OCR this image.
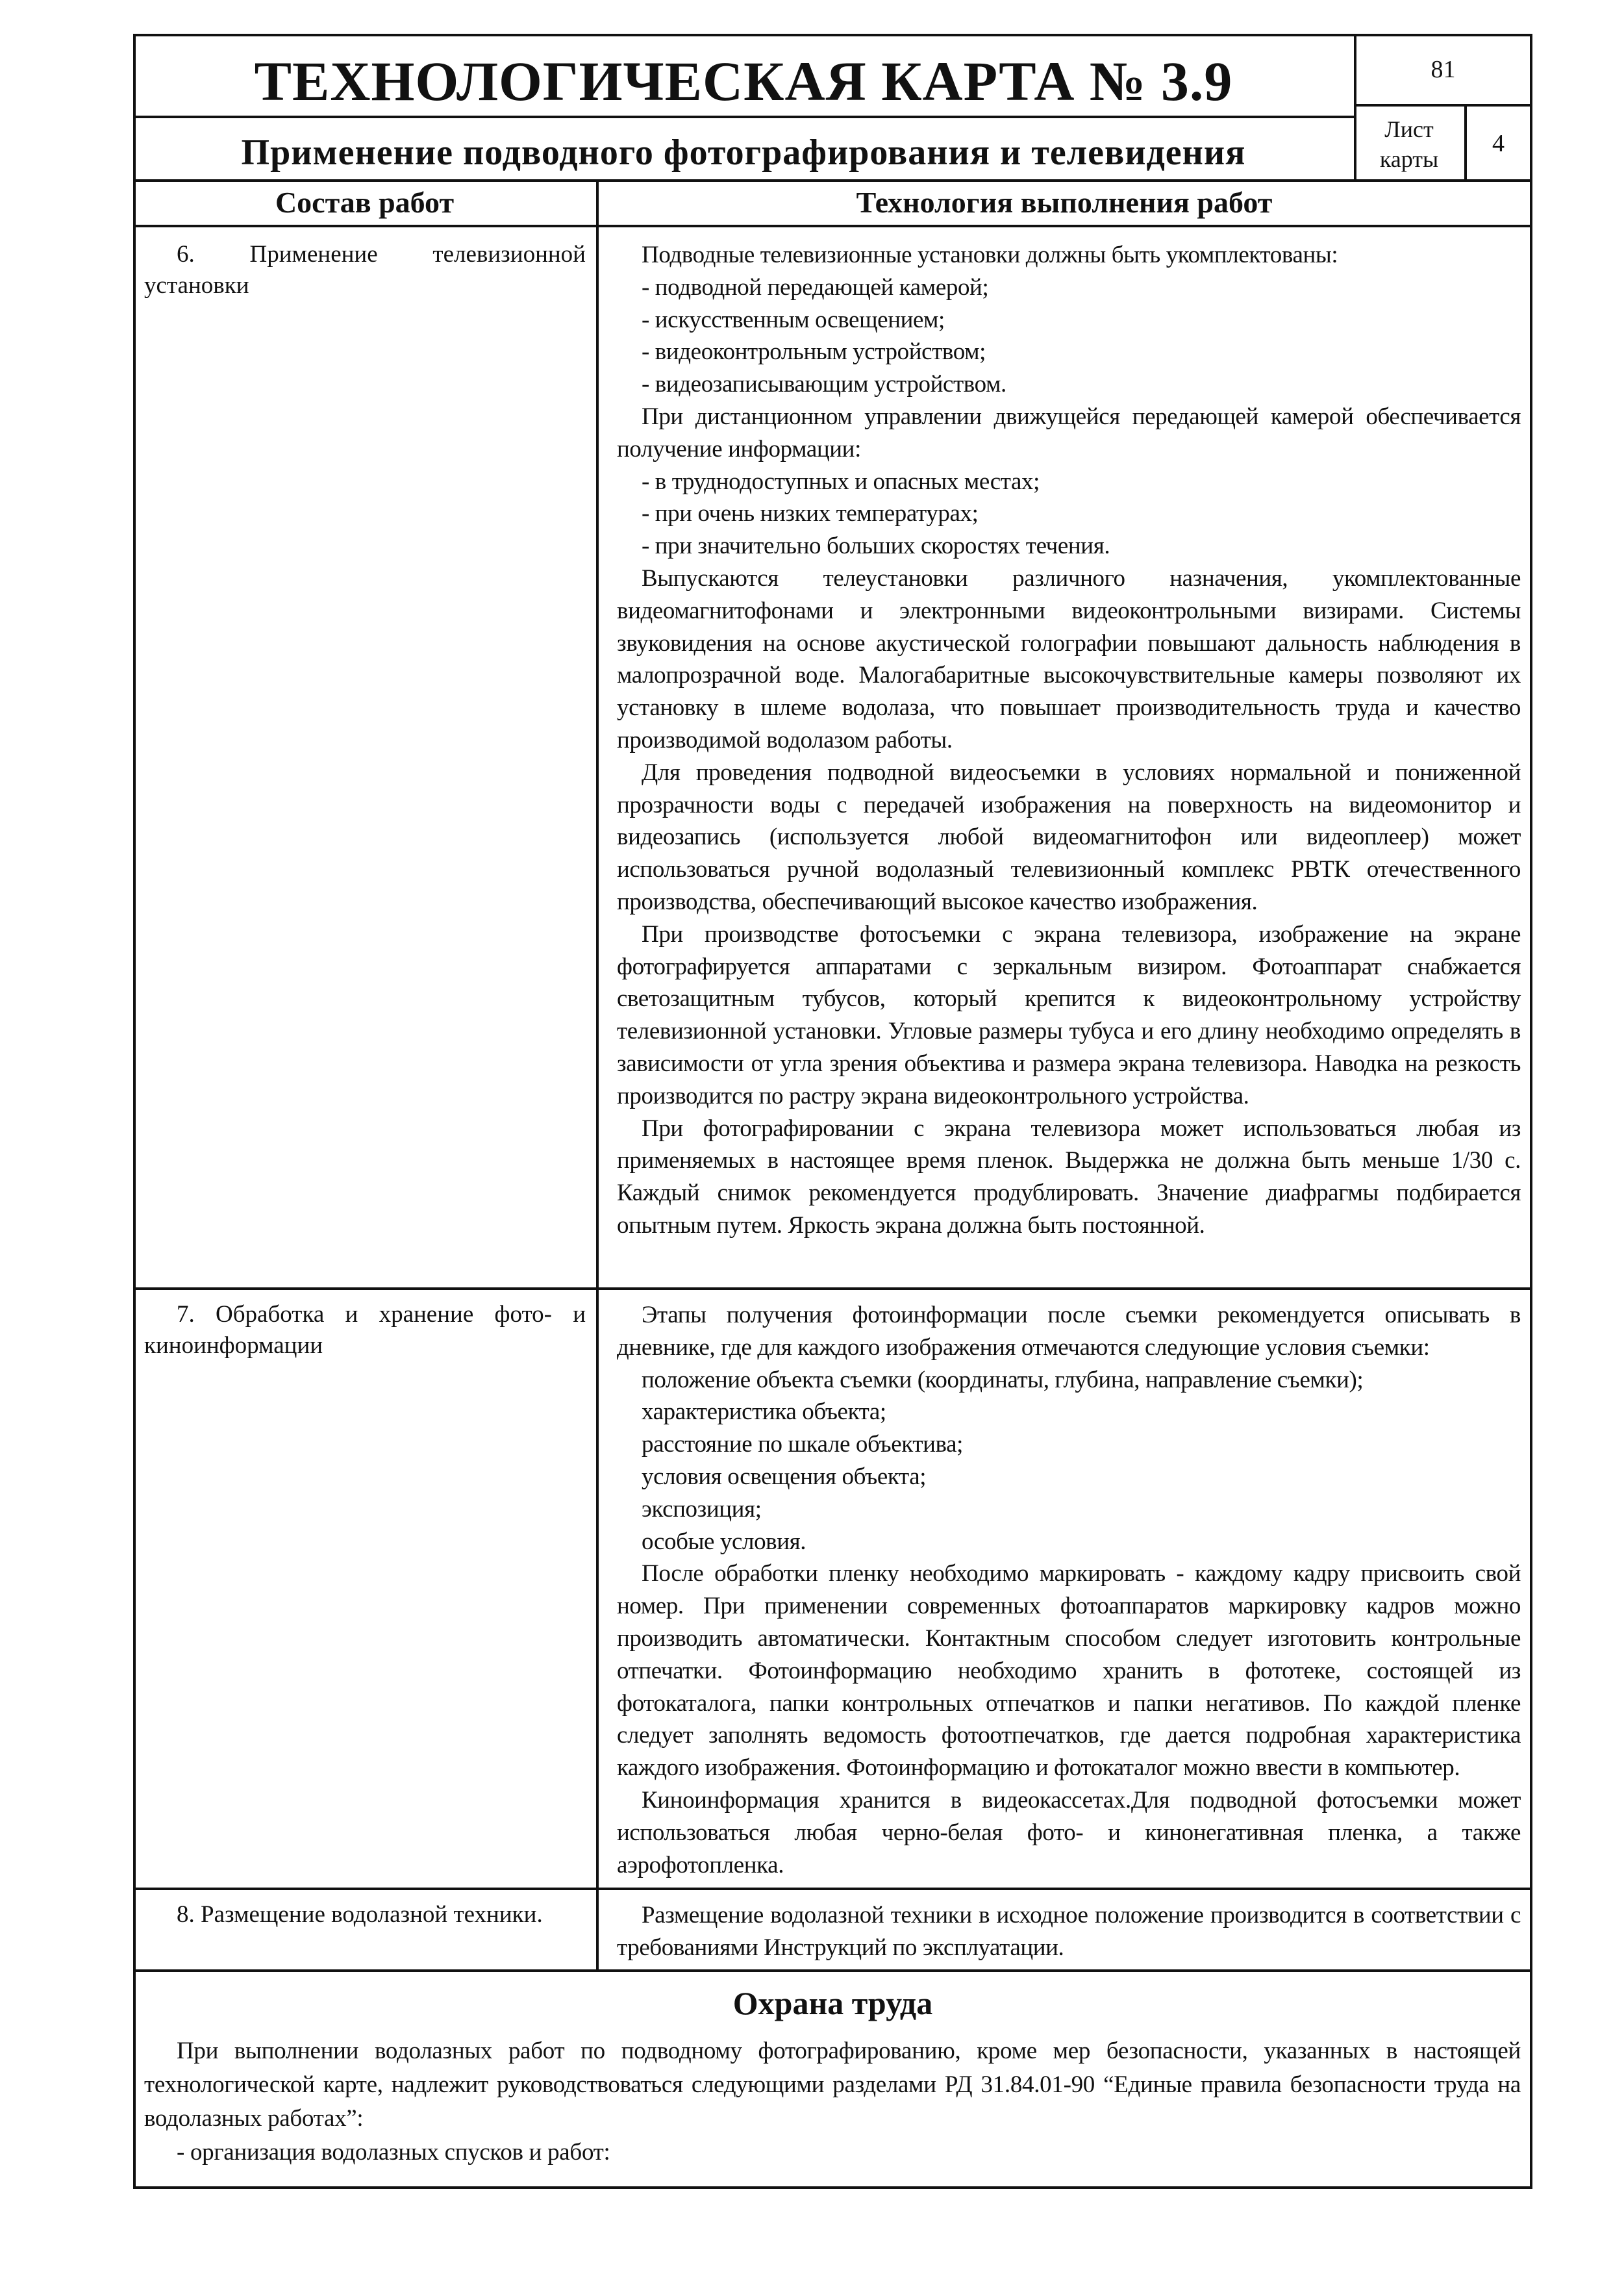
ТЕХНОЛОГИЧЕСКАЯ КАРТА № 3.9
Применение подводного фотографирования и телевидения
81
Лист
карты
4
Состав работ	Технология выполнения работ
6. Применение телевизионной установки

Подводные телевизионные установки должны быть укомплектованы:

- подводной передающей камерой;

- искусственным освещением;

- видеоконтрольным устройством;

- видеозаписывающим устройством.

При дистанционном управлении движущейся передающей камерой обеспечивается получение информации:

- в труднодоступных и опасных местах;

- при очень низких температурах;

- при значительно больших скоростях течения.

Выпускаются телеустановки различного назначения, укомплектованные видеомагнитофонами и электронными видеоконтрольными визирами. Системы звуковидения на основе акустической голографии повышают дальность наблюдения в малопрозрачной воде. Малогабаритные высокочувствительные камеры позволяют их установку в шлеме водолаза, что повышает производительность труда и качество производимой водолазом работы.

Для проведения подводной видеосъемки в условиях нормальной и пониженной прозрачности воды с передачей изображения на поверхность на видеомонитор и видеозапись (используется любой видеомагнитофон или видеоплеер) может использоваться ручной водолазный телевизионный комплекс РВТК отечественного производства, обеспечивающий высокое качество изображения.

При производстве фотосъемки с экрана телевизора, изображение на экране фотографируется аппаратами с зеркальным визиром. Фотоаппарат снабжается светозащитным тубусов, который крепится к видеоконтрольному устройству телевизионной установки. Угловые размеры тубуса и его длину необходимо определять в зависимости от угла зрения объектива и размера экрана телевизора. Наводка на резкость производится по растру экрана видеоконтрольного устройства.

При фотографировании с экрана телевизора может использоваться любая из применяемых в настоящее время пленок. Выдержка не должна быть меньше 1/30 с. Каждый снимок рекомендуется продублировать. Значение диафрагмы подбирается опытным путем. Яркость экрана должна быть постоянной.

7. Обработка и хранение фото- и киноинформации

Этапы получения фотоинформации после съемки рекомендуется описывать в дневнике, где для каждого изображения отмечаются следующие условия съемки:

положение объекта съемки (координаты, глубина, направление съемки);

характеристика объекта;

расстояние по шкале объектива;

условия освещения объекта;

экспозиция;

особые условия.

После обработки пленку необходимо маркировать - каждому кадру присвоить свой номер. При применении современных фотоаппаратов маркировку кадров можно производить автоматически. Контактным способом следует изготовить контрольные отпечатки. Фотоинформацию необходимо хранить в фототеке, состоящей из фотокаталога, папки контрольных отпечатков и папки негативов. По каждой пленке следует заполнять ведомость фотоотпечатков, где дается подробная характеристика каждого изображения. Фотоинформацию и фотокаталог можно ввести в компьютер.

Киноинформация хранится в видеокассетах.Для подводной фотосъемки может использоваться любая черно-белая фото- и кинонегативная пленка, а также аэрофотопленка.

8. Размещение водолазной техники.	Размещение водолазной техники в исходное положение производится в соответствии с требованиями Инструкций по эксплуатации.

Охрана труда

При выполнении водолазных работ по подводному фотографированию, кроме мер безопасности, указанных в настоящей технологической карте, надлежит руководствоваться следующими разделами РД 31.84.01-90 “Единые правила безопасности труда на водолазных работах”:

- организация водолазных спусков и работ:
